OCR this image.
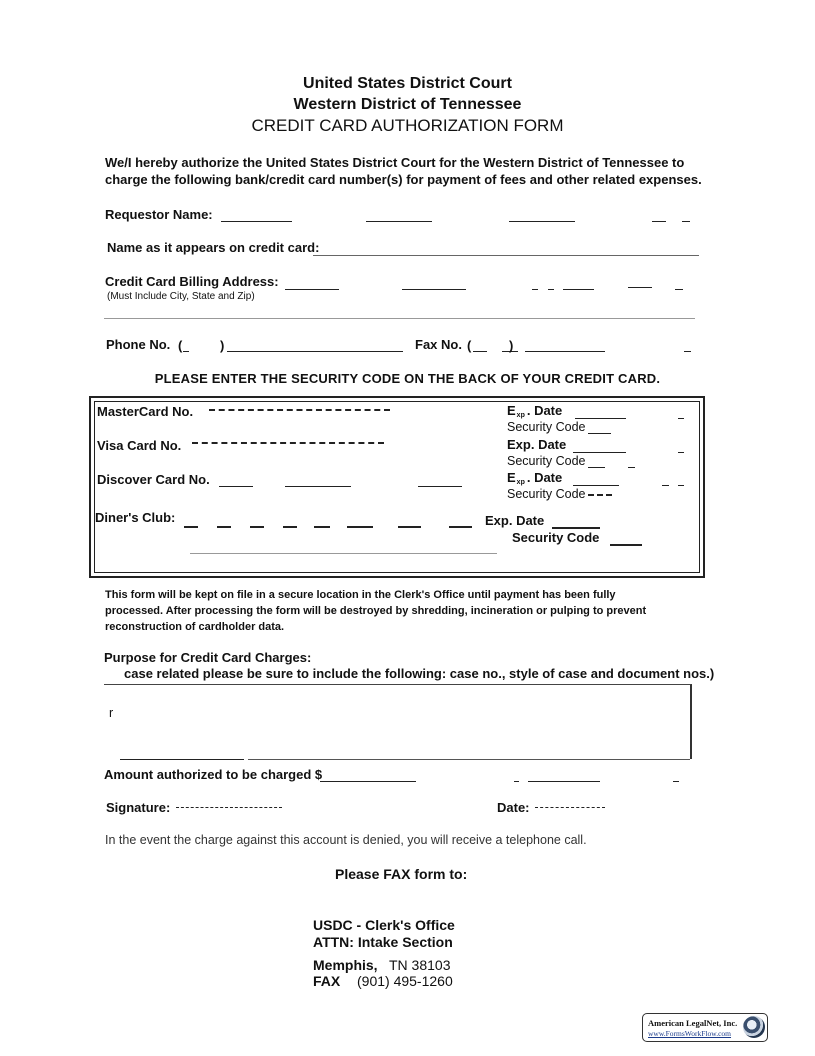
United States District Court
Western District of Tennessee
CREDIT CARD AUTHORIZATION FORM
We/I hereby authorize the United States District Court for the Western District of Tennessee to
charge the following bank/credit card number(s) for payment of fees and other related expenses.
Requestor Name:
Name as it appears on credit card:
Credit Card Billing Address:
(Must Include City, State and Zip)
Phone No. (	)	Fax No. (	)
PLEASE ENTER THE SECURITY CODE ON THE BACK OF YOUR CREDIT CARD.
MasterCard No.	$E_{xp}$ . Date
Security Code
Visa Card No.	Exp. Date
Security Code
Discover Card No.	$E_{xp}$ . Date
Security Code
Diner's Club:	Exp. Date
Security Code
This form will be kept on file in a secure location in the Clerk's Office until payment has been fully
processed. After processing the form will be destroyed by shredding, incineration or pulping to prevent
reconstruction of cardholder data.
Purpose for Credit Card Charges:
case related please be sure to include the following: case no., style of case and document nos.)
r
Amount authorized to be charged $
Signature:	Date:
In the event the charge against this account is denied, you will receive a telephone call.
Please FAX form to:
USDC - Clerk's Office
ATTN: Intake Section
Memphis, TN 38103
FAX (901) 495-1260
American LegalNet, Inc.
www.FormsWorkFlow.com
